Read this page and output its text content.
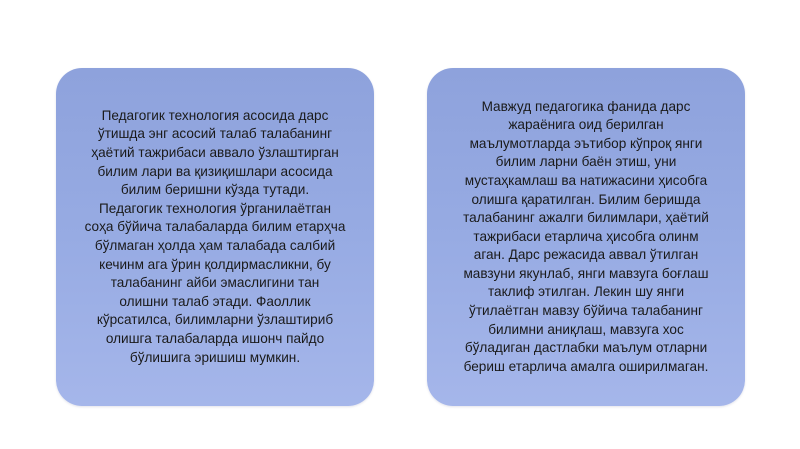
Педагогик технология асосида дарс
ўтишда энг асосий талаб талабанинг
ҳаётий тажрибаси аввало ўзлаштирган
билим лари ва қизиқишлари асосида
билим беришни кўзда тутади.
Педагогик технология ўрганилаётган
соҳа бўйича талабаларда билим етарҳча
бўлмаган ҳолда ҳам талабада салбий
кечинм ага ўрин қолдирмасликни, бу
талабанинг айби эмаслигини тан
олишни талаб этади. Фаоллик
кўрсатилса, билимларни ўзлаштириб
олишга талабаларда ишонч пайдо
бўлишига эришиш мумкин.

Мавжуд педагогика фанида дарс
жараёнига оид берилган
маълумотларда эътибор кўпроқ янги
билим ларни баён этиш, уни
мустаҳкамлаш ва натижасини ҳисобга
олишга қаратилган. Билим беришда
талабанинг ажалги билимлари, ҳаётий
тажрибаси етарлича ҳисобга олинм
аган. Дарс режасида аввал ўтилган
мавзуни якунлаб, янги мавзуга боғлаш
таклиф этилган. Лекин шу янги
ўтилаётган мавзу бўйича талабанинг
билимни аниқлаш, мавзуга хос
бўладиган дастлабки маълум отларни
бериш етарлича амалга оширилмаган.
